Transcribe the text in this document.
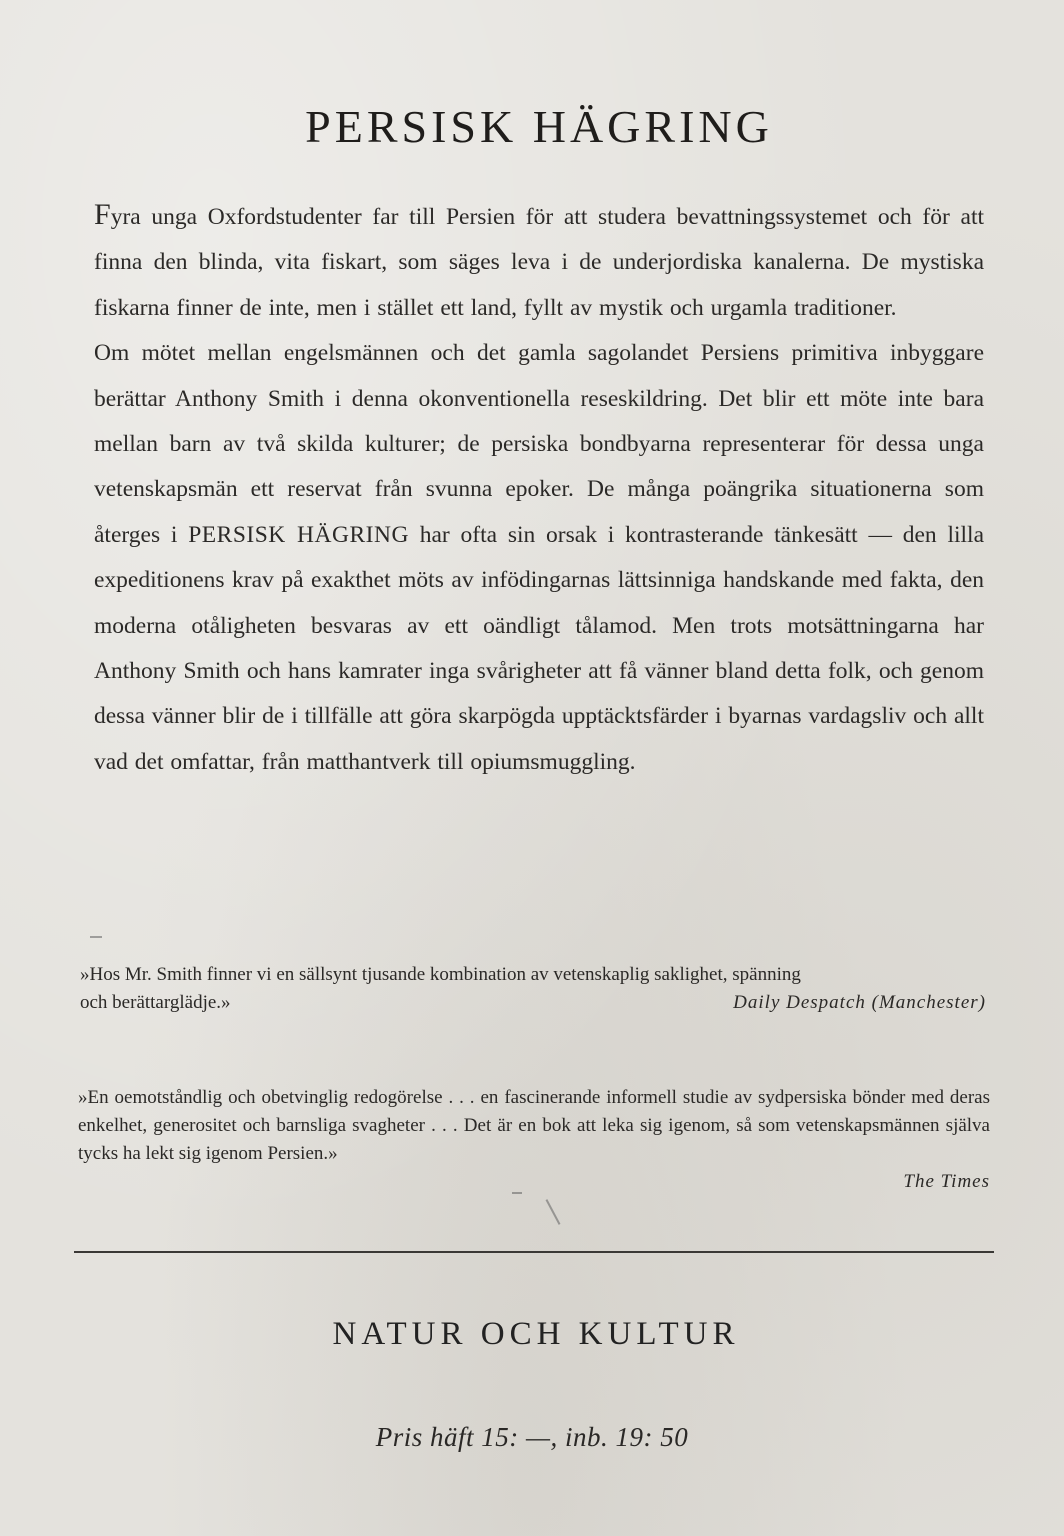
PERSISK HÄGRING

Fyra unga Oxfordstudenter far till Persien för att studera bevattningssystemet och för att finna den blinda, vita fiskart, som säges leva i de underjordiska kanalerna. De mystiska fiskarna finner de inte, men i stället ett land, fyllt av mystik och urgamla traditioner.

Om mötet mellan engelsmännen och det gamla sagolandet Persiens primitiva inbyggare berättar Anthony Smith i denna okonventionella reseskildring. Det blir ett möte inte bara mellan barn av två skilda kulturer; de persiska bondbyarna representerar för dessa unga vetenskapsmän ett reservat från svunna epoker. De många poängrika situationerna som återges i PERSISK HÄGRING har ofta sin orsak i kontrasterande tänkesätt — den lilla expeditionens krav på exakthet möts av infödingarnas lättsinniga handskande med fakta, den moderna otåligheten besvaras av ett oändligt tålamod. Men trots motsättningarna har Anthony Smith och hans kamrater inga svårigheter att få vänner bland detta folk, och genom dessa vänner blir de i tillfälle att göra skarpögda upptäcktsfärder i byarnas vardagsliv och allt vad det omfattar, från matthantverk till opiumsmuggling.

»Hos Mr. Smith finner vi en sällsynt tjusande kombination av vetenskaplig saklighet, spänning
och berättarglädje.»	Daily Despatch (Manchester)
»En oemotståndlig och obetvinglig redogörelse . . . en fascinerande informell studie av sydpersiska bönder med deras enkelhet, generositet och barnsliga svagheter . . . Det är en bok att leka sig igenom, så som vetenskapsmännen själva tycks ha lekt sig igenom Persien.»
The Times
NATUR OCH KULTUR
Pris häft 15: —, inb. 19: 50
